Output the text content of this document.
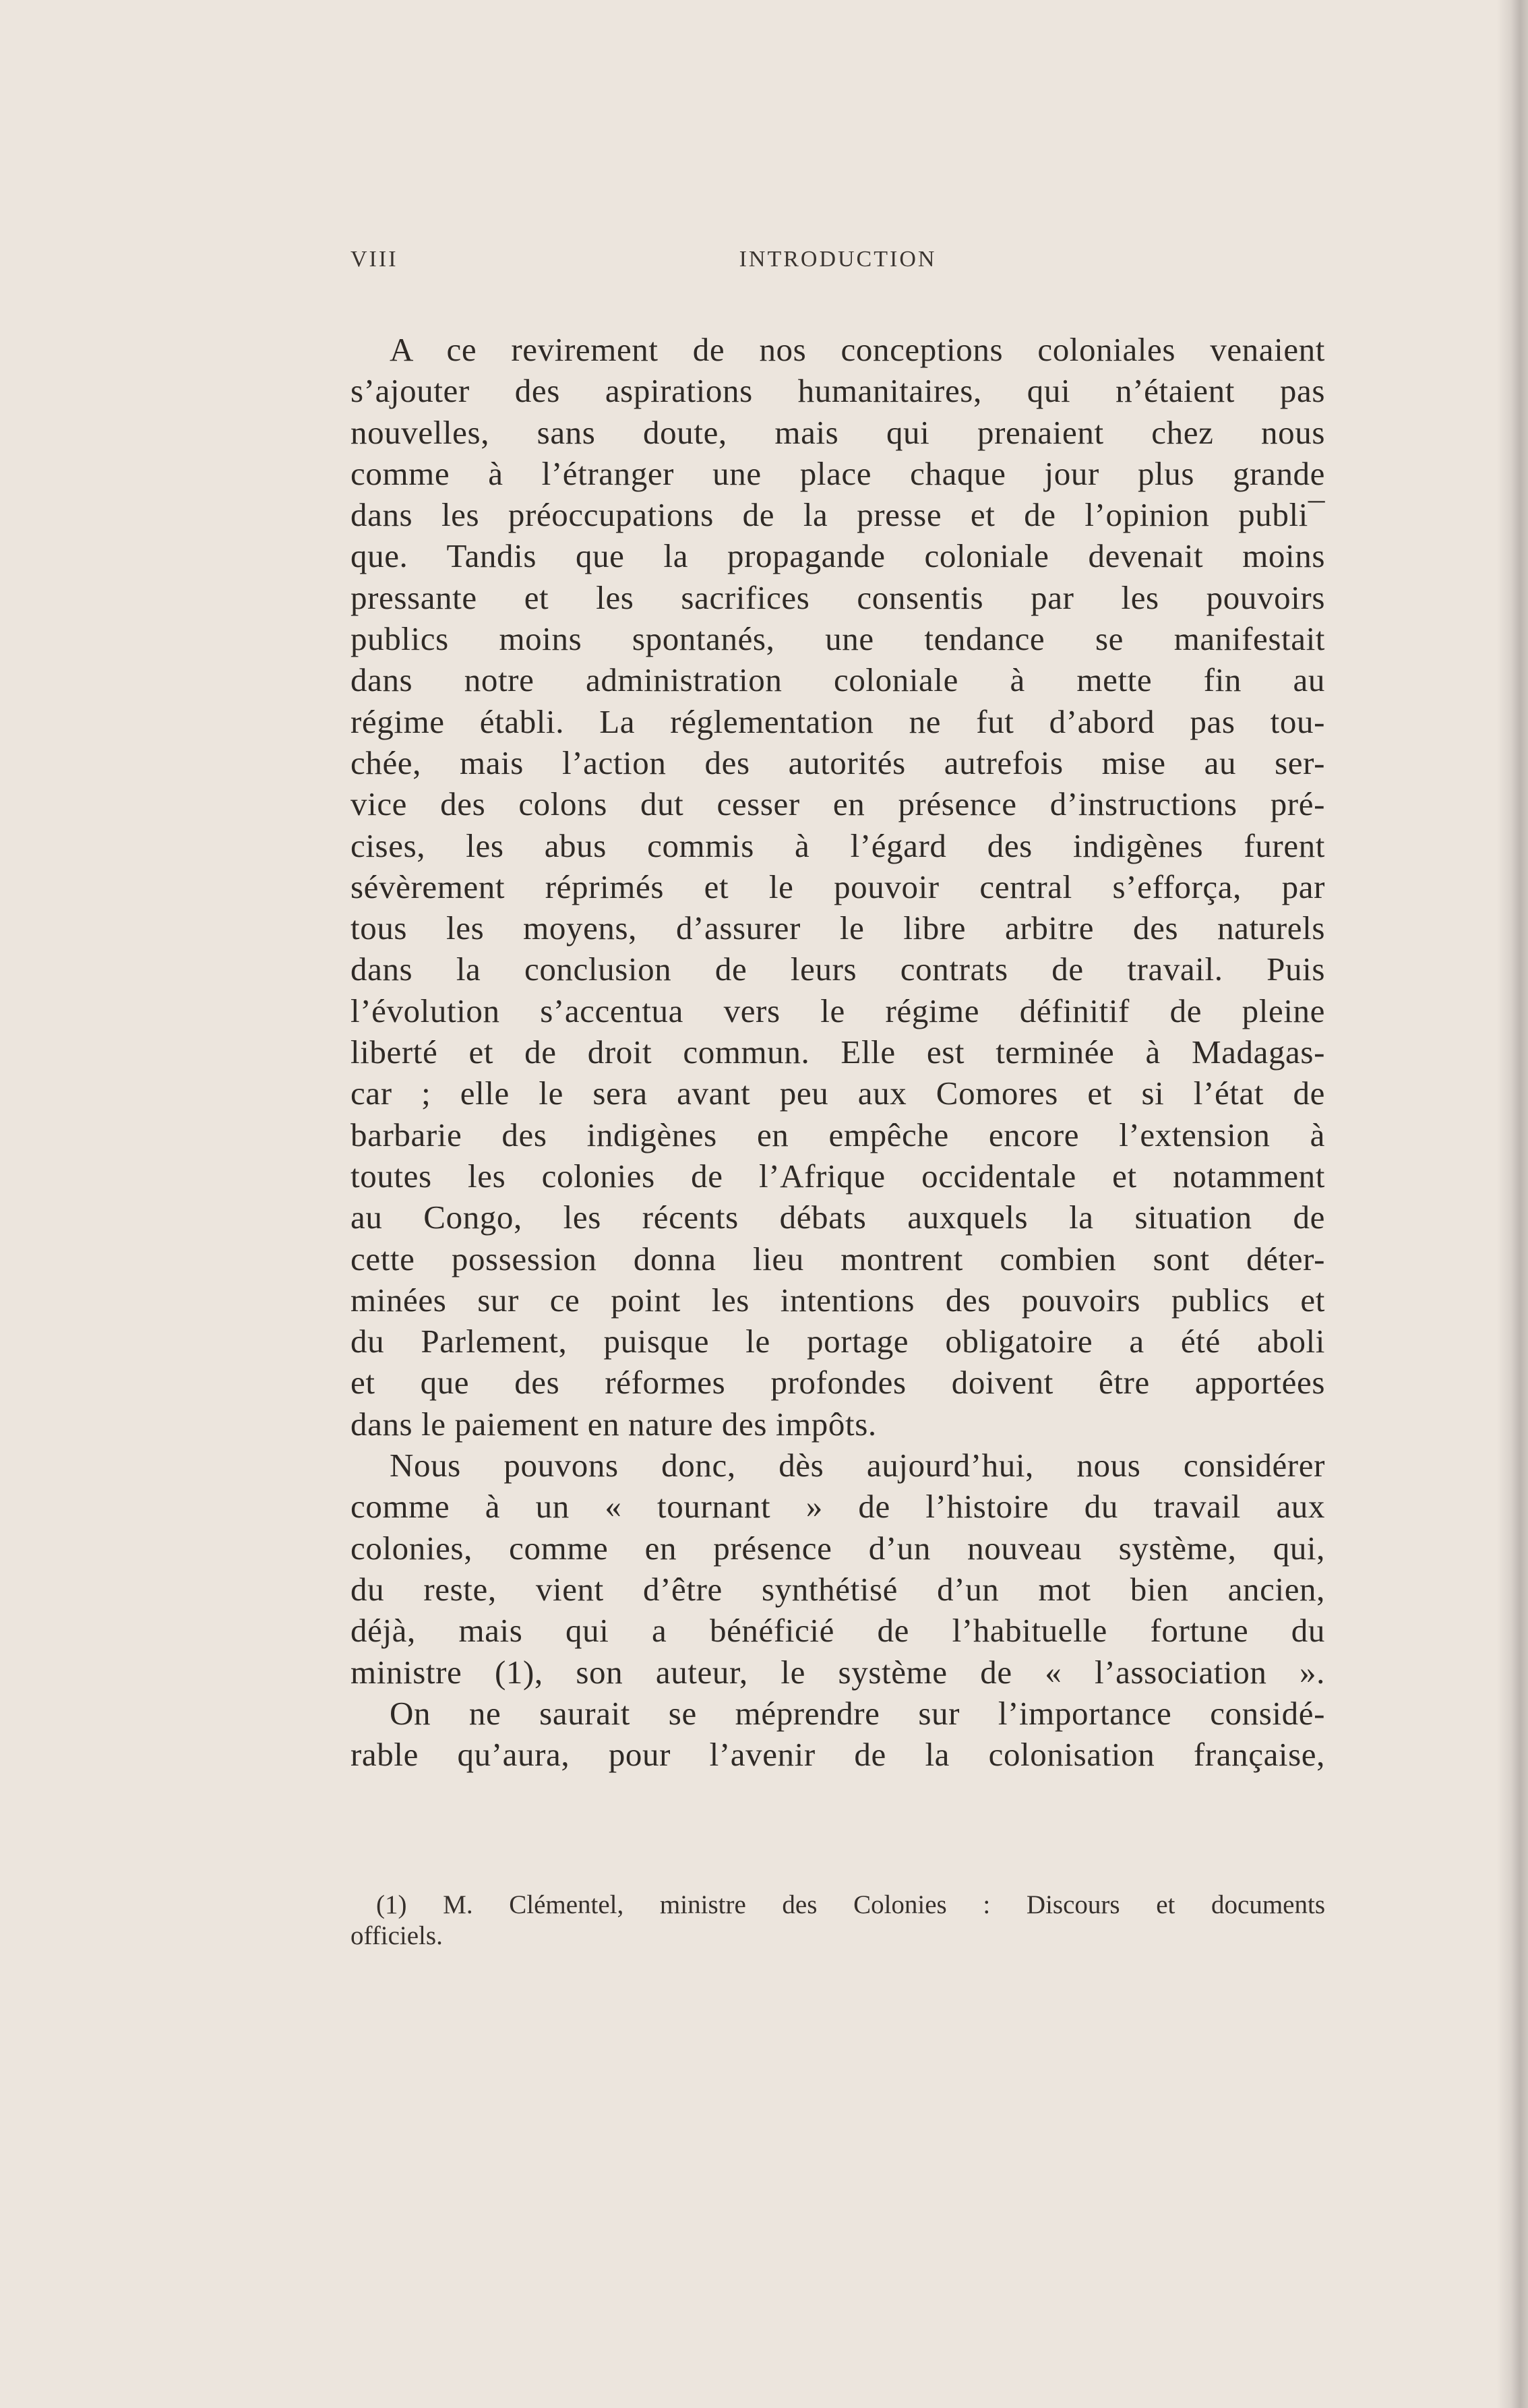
VIII	INTRODUCTION
A ce revirement de nos conceptions coloniales venaient
s’ajouter des aspirations humanitaires, qui n’étaient pas
nouvelles, sans doute, mais qui prenaient chez nous
comme à l’étranger une place chaque jour plus grande
dans les préoccupations de la presse et de l’opinion publi¯
que. Tandis que la propagande coloniale devenait moins
pressante et les sacrifices consentis par les pouvoirs
publics moins spontanés, une tendance se manifestait
dans notre administration coloniale à mette fin au
régime établi. La réglementation ne fut d’abord pas tou-
chée, mais l’action des autorités autrefois mise au ser-
vice des colons dut cesser en présence d’instructions pré-
cises, les abus commis à l’égard des indigènes furent
sévèrement réprimés et le pouvoir central s’efforça, par
tous les moyens, d’assurer le libre arbitre des naturels
dans la conclusion de leurs contrats de travail. Puis
l’évolution s’accentua vers le régime définitif de pleine
liberté et de droit commun. Elle est terminée à Madagas-
car ; elle le sera avant peu aux Comores et si l’état de
barbarie des indigènes en empêche encore l’extension à
toutes les colonies de l’Afrique occidentale et notamment
au Congo, les récents débats auxquels la situation de
cette possession donna lieu montrent combien sont déter-
minées sur ce point les intentions des pouvoirs publics et
du Parlement, puisque le portage obligatoire a été aboli
et que des réformes profondes doivent être apportées
dans le paiement en nature des impôts.
Nous pouvons donc, dès aujourd’hui, nous considérer
comme à un « tournant » de l’histoire du travail aux
colonies, comme en présence d’un nouveau système, qui,
du reste, vient d’être synthétisé d’un mot bien ancien,
déjà, mais qui a bénéficié de l’habituelle fortune du
ministre (1), son auteur, le système de « l’association ».
On ne saurait se méprendre sur l’importance considé-
rable qu’aura, pour l’avenir de la colonisation française,
(1) M. Clémentel, ministre des Colonies : Discours et documents
officiels.
